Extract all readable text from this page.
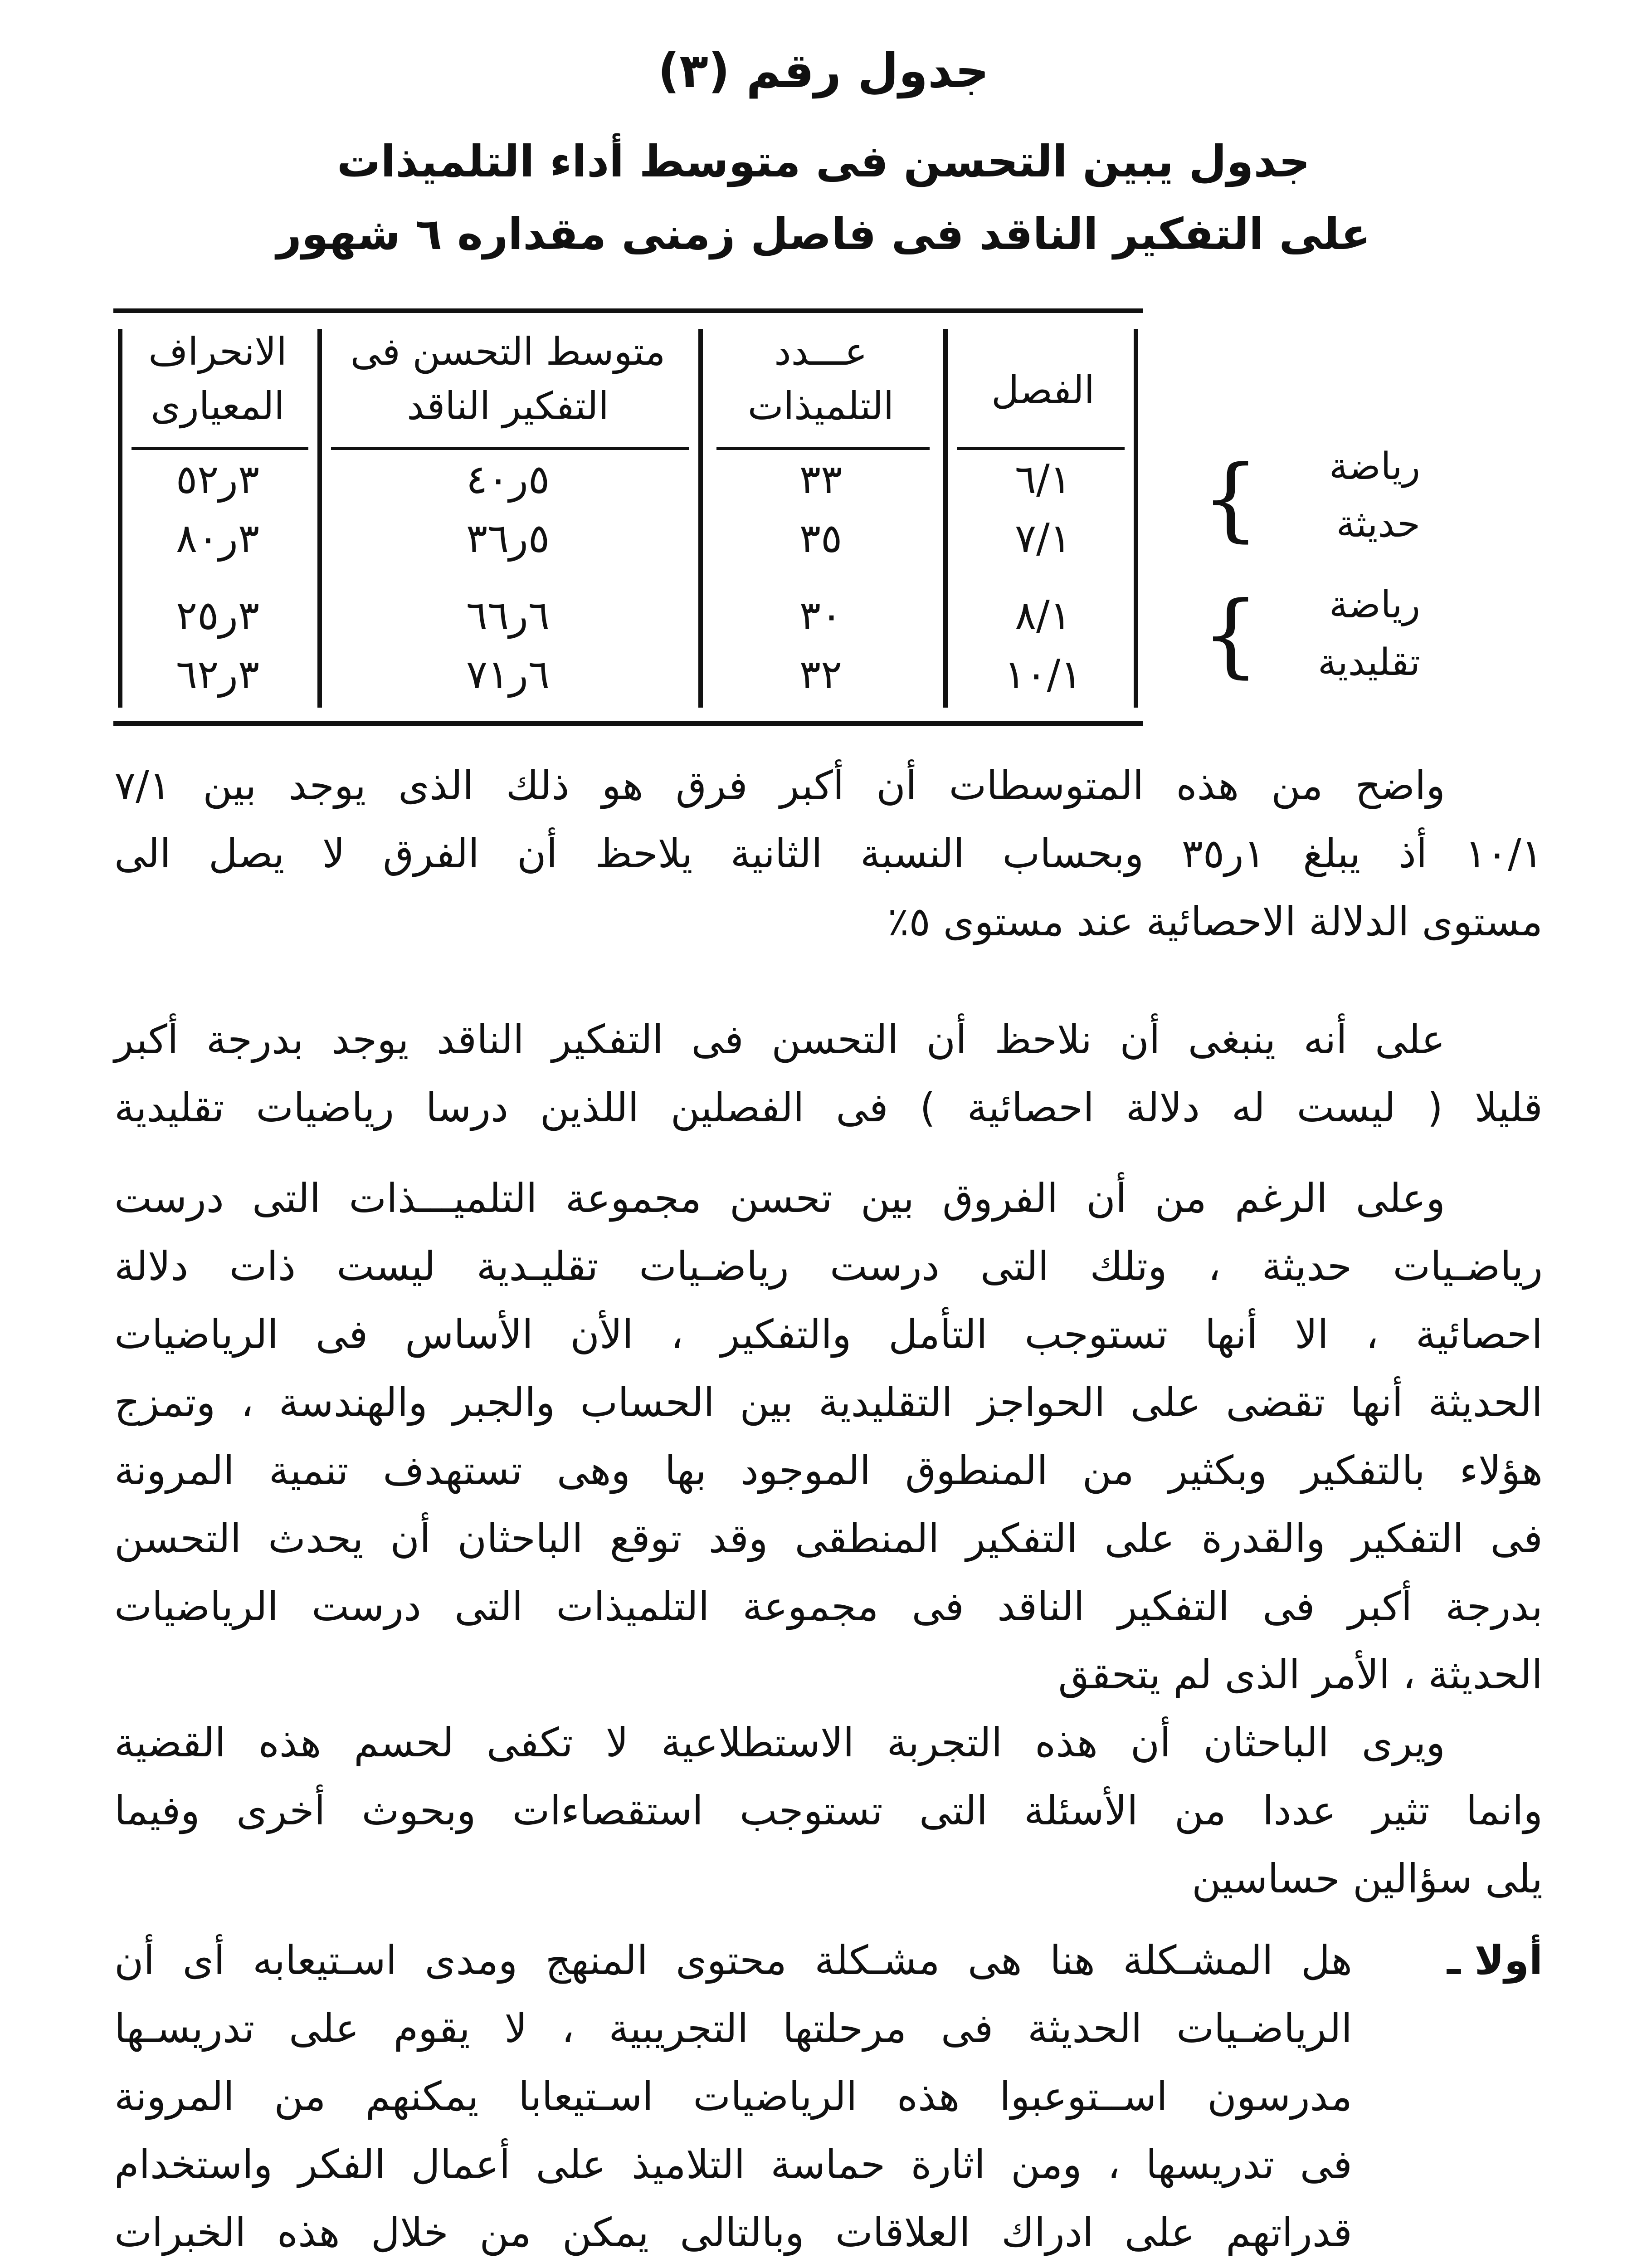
جدول رقم (٣)
جدول يبين التحسن فى متوسط أداء التلميذات
على التفكير الناقد فى فاصل زمنى مقداره ٦ شهور
الفصل
عـــدد
التلميذات
متوسط التحسن فى
التفكير الناقد
الانحراف
المعيارى
٦/١
٣٣
٥ر٤٠
٣ر٥٢
٧/١
٣٥
٥ر٣٦
٣ر٨٠
٨/١
٣٠
٦ر٦٦
٣ر٢٥
١٠/١
٣٢
٦ر٧١
٣ر٦٢
} رياضة
حديثة
}	رياضة
تقليدية
واضح من هذه المتوسطات أن أكبر فرق هو ذلك الذى يوجد بين ٧/١
١٠/١ أذ يبلغ ١ر٣٥ وبحساب النسبة الثانية يلاحظ أن الفرق لا يصل الى
مستوى الدلالة الاحصائية عند مستوى ٥٪
على أنه ينبغى أن نلاحظ أن التحسن فى التفكير الناقد يوجد بدرجة أكبر
قليلا ( ليست له دلالة احصائية ) فى الفصلين اللذين درسا رياضيات تقليدية
وعلى الرغم من أن الفروق بين تحسن مجموعة التلميـــذات التى درست
رياضـيات حديثة ، وتلك التى درست رياضـيات تقليـدية ليست ذات دلالة
احصائية ، الا أنها تستوجب التأمل والتفكير ، الأن الأساس فى الرياضيات
الحديثة أنها تقضى على الحواجز التقليدية بين الحساب والجبر والهندسة ، وتمزج
هؤلاء بالتفكير وبكثير من المنطوق الموجود بها وهى تستهدف تنمية المرونة
فى التفكير والقدرة على التفكير المنطقى وقد توقع الباحثان أن يحدث التحسن
بدرجة أكبر فى التفكير الناقد فى مجموعة التلميذات التى درست الرياضيات
الحديثة ، الأمر الذى لم يتحقق
ويرى الباحثان أن هذه التجربة الاستطلاعية لا تكفى لحسم هذه القضية
وانما تثير عددا من الأسئلة التى تستوجب استقصاءات وبحوث أخرى وفيما
يلى سؤالين حساسين
أولا ـ
هل المشـكلة هنا هى مشـكلة محتوى المنهج ومدى اسـتيعابه أى أن
الرياضـيات الحديثة فى مرحلتها التجريبية ، لا يقوم على تدريسـها
مدرسون اســتوعبوا هذه الرياضيات اسـتيعابا يمكنهم من المرونة
فى تدريسها ، ومن اثارة حماسة التلاميذ على أعمال الفكر واستخدام
قدراتهم على ادراك العلاقات وبالتالى يمكن من خلال هذه الخبرات
